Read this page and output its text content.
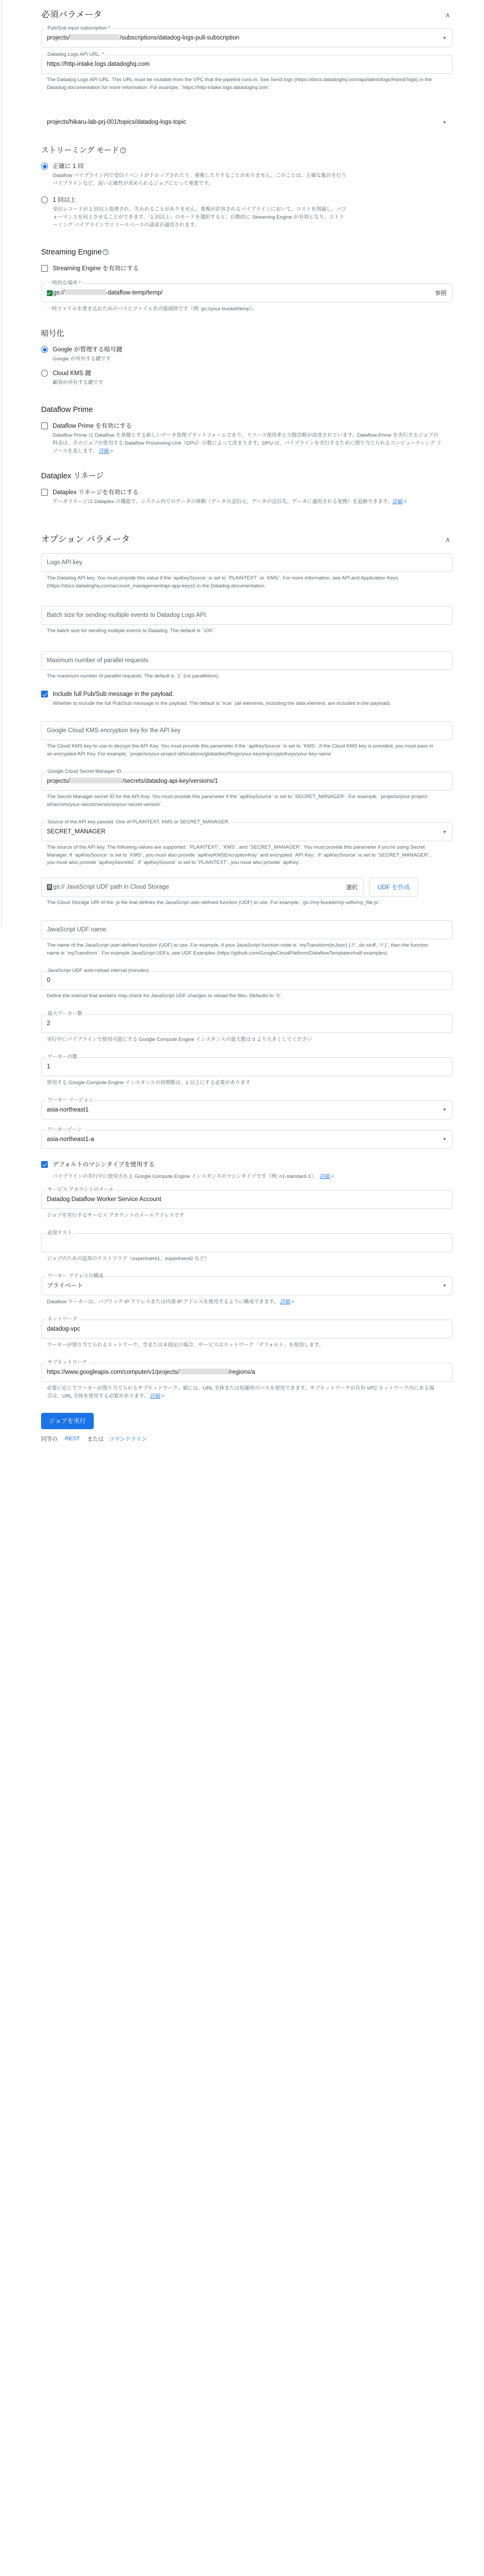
必須パラメータ	∧
Pub/Sub input subscription *
projects/	/subscriptions/datadog-logs-pull-subscription	▼
Datadog Logs API URL. *
https://http-intake.logs.datadoghq.com
The Datadog Logs API URL. This URL must be routable from the VPC that the pipeline runs in. See Send logs (https://docs.datadoghq.com/api/latest/logs/#send-logs) in the Datadog documentation for more information. For example, `https://http-intake.logs.datadoghq.com`
projects/hikaru-lab-prj-001/topics/datadog-logs-topic	▼
ストリーミング モード ?
正確に 1 回
Dataflow パイプライン内で受信イベントがドロップされたり、重複したりすることがありません。このことは、正確な集計を行うパイプラインなど、高い正確性が求められるジョブにとって重要です。
1 回以上
受信レコードが 1 回以上処理され、失われることがありません。重複が許容されるパイプラインにおいて、コストを削減し、パフォーマンスを向上させることができます。「1 回以上」のモードを選択すると、自動的に Streaming Engine が有効となり、ストリーミング パイプラインでリソースベースの請求が適用されます。
Streaming Engine ?
Streaming Engine を有効にする
一時的な場所 *
gs://	-dataflow-temp/temp/	参照
一時ファイルを書き込むためのパスとファイル名の接頭辞です（例: gs://your-bucket/temp）。
暗号化
Google が管理する暗号鍵
Google が所有する鍵です
Cloud KMS 鍵
顧客が所有する鍵です
Dataflow Prime
Dataflow Prime を有効にする
Dataflow Prime は Dataflow を基盤とする新しいデータ処理プラットフォームであり、リソース使用率と分散診断が改善されています。Dataflow Prime を実行するジョブの料金は、そのジョブが使用する Dataflow Processing Unit（DPU）の数によって決まります。DPU は、パイプラインを実行するために割り当てられるコンピューティング リソースを表します。 詳細↗
Dataplex リネージ
Dataplex リネージを有効にする
データリネージは Dataplex の機能で、システム内でのデータの移動（データの送信元、データの送信先、データに適用される変換）を追跡できます。詳細↗
オプション パラメータ	∧
Logs API key.
The Datadog API key. You must provide this value if the `apiKeySource` is set to `PLAINTEXT` or `KMS`. For more information, see API and Application Keys (https://docs.datadoghq.com/account_management/api-app-keys/) in the Datadog documentation.
Batch size for sending multiple events to Datadog Logs API.
The batch size for sending multiple events to Datadog. The default is `100`.
Maximum number of parallel requests.
The maximum number of parallel requests. The default is `1` (no parallelism).
Include full Pub/Sub message in the payload.
Whether to include the full Pub/Sub message in the payload. The default is `true` (all elements, including the data element, are included in the payload).
Google Cloud KMS encryption key for the API key
The Cloud KMS key to use to decrypt the API Key. You must provide this parameter if the `apiKeySource` is set to `KMS`. If the Cloud KMS key is provided, you must pass in an encrypted API Key. For example, `projects/your-project-id/locations/global/keyRings/your-keyring/cryptoKeys/your-key-name`
Google Cloud Secret Manager ID.
projects/	/secrets/datadog-api-key/versions/1
The Secret Manager secret ID for the API Key. You must provide this parameter if the `apiKeySource` is set to `SECRET_MANAGER`. For example, `projects/your-project-id/secrets/your-secret/versions/your-secret-version`
Source of the API key passed. One of PLAINTEXT, KMS or SECRET_MANAGER.
SECRET_MANAGER	▼
The source of the API key. The following values are supported: `PLAINTEXT`, `KMS`, and `SECRET_MANAGER`. You must provide this parameter if you're using Secret Manager. If `apiKeySource` is set to `KMS`, you must also provide `apiKeyKMSEncryptionKey` and encrypted `API Key`. If `apiKeySource` is set to `SECRET_MANAGER`, you must also provide `apiKeySecretId`. If `apiKeySource` is set to `PLAINTEXT`, you must also provide `apiKey`.
gs:// JavaScript UDF path in Cloud Storage	選択	UDF を作成
The Cloud Storage URI of the .js file that defines the JavaScript user-defined function (UDF) to use. For example, `gs://my-bucket/my-udfs/my_file.js`.
JavaScript UDF name
The name of the JavaScript user-defined function (UDF) to use. For example, if your JavaScript function code is `myTransform(inJson) { /*...do stuff...*/ }`, then the function name is `myTransform`. For example JavaScript UDFs, see UDF Examples (https://github.com/GoogleCloudPlatform/DataflowTemplates#udf-examples).
JavaScript UDF auto-reload interval (minutes)
0
Define the interval that workers may check for JavaScript UDF changes to reload the files. Defaults to `0`.
最大ワーカー数
2
実行中にパイプラインで使用可能にする Google Compute Engine インスタンスの最大数は 0 より大きくしてください
ワーカーの数
1
使用する Google Compute Engine インスタンスの初期数は、1 以上にする必要があります
ワーカー リージョン
asia-northeast1	▼
ワーカーゾーン
asia-northeast1-a	▼
デフォルトのマシンタイプを使用する
パイプラインの実行中に使用される Google Compute Engine インスタンスのマシンタイプです（例: n1-standard-1）。 詳細↗
サービス アカウントのメール
Datadog Dataflow Worker Service Account
ジョブを実行するサービス アカウントのメールアドレスです
追加テスト
ジョブのための追加のテストフラグ（experiment1、experiment2 など）
ワーカー アドレスの構成
プライベート	▼
Dataflow ワーカーは、パブリック IP アドレスまたは内部 IP アドレスを使用するように構成できます。 詳細↗
ネットワーク
datadog-vpc
ワーカーが割り当てられるネットワーク。空または未指定の場合、サービスはネットワーク「デフォルト」を使用します。
サブネットワーク
https://www.googleapis.com/compute/v1/projects/	/regions/a
必要に応じてワーカーが割り当てられるサブネットワーク。値には、URL 全体または短縮形のパスを使用できます。サブネットワークが共有 VPC ネットワーク内にある場合は、URL 全体を使用する必要があります。 詳細↗
ジョブを実行
同等の REST または コマンドライン
